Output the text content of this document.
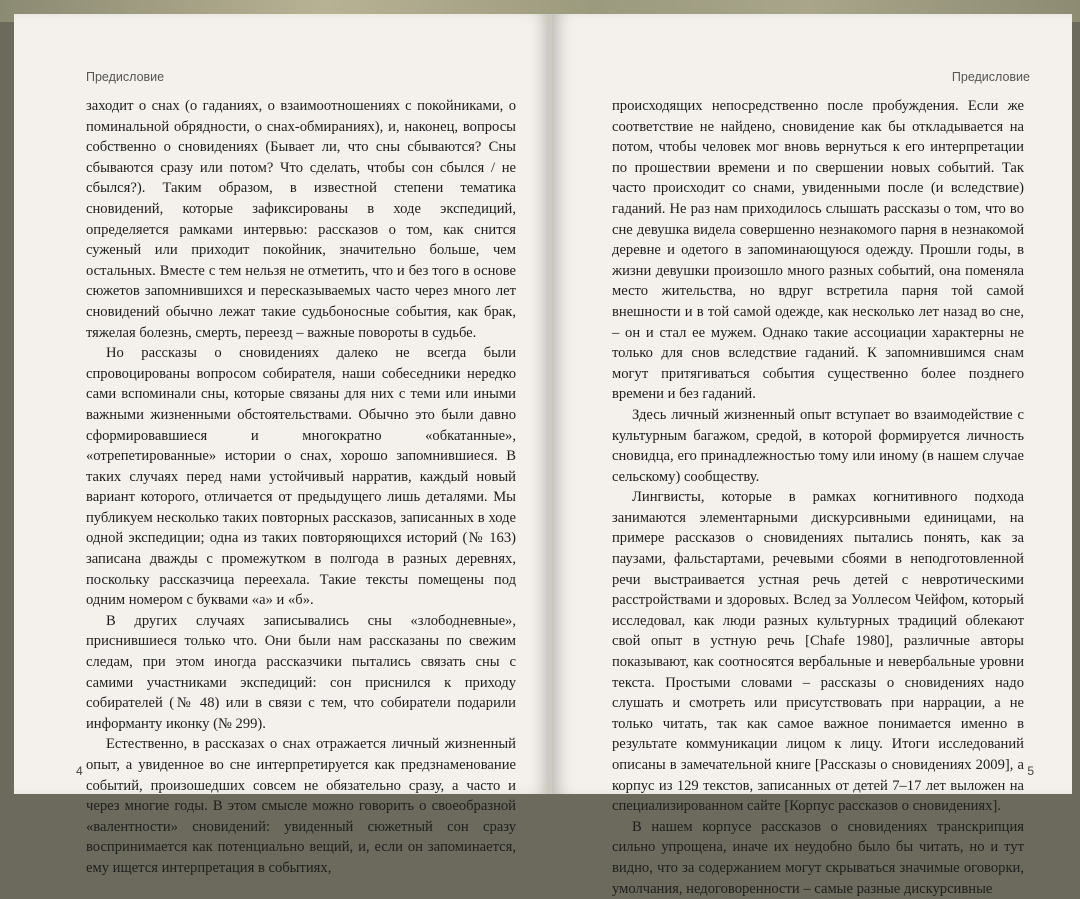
Предисловие

заходит о снах (о гаданиях, о взаимоотношениях с покойниками, о поминальной обрядности, о снах-обмираниях), и, наконец, вопросы собственно о сновидениях (Бывает ли, что сны сбываются? Сны сбываются сразу или потом? Что сделать, чтобы сон сбылся / не сбылся?). Таким образом, в известной степени тематика сновидений, которые зафиксированы в ходе экспедиций, определяется рамками интервью: рассказов о том, как снится суженый или приходит покойник, значительно больше, чем остальных. Вместе с тем нельзя не отметить, что и без того в основе сюжетов запомнившихся и пересказываемых часто через много лет сновидений обычно лежат такие судьбоносные события, как брак, тяжелая болезнь, смерть, переезд – важные повороты в судьбе.

Но рассказы о сновидениях далеко не всегда были спровоцированы вопросом собирателя, наши собеседники нередко сами вспоминали сны, которые связаны для них с теми или иными важными жизненными обстоятельствами. Обычно это были давно сформировавшиеся и многократно «обкатанные», «отрепетированные» истории о снах, хорошо запомнившиеся. В таких случаях перед нами устойчивый нарратив, каждый новый вариант которого, отличается от предыдущего лишь деталями. Мы публикуем несколько таких повторных рассказов, записанных в ходе одной экспедиции; одна из таких повторяющихся историй (№ 163) записана дважды с промежутком в полгода в разных деревнях, поскольку рассказчица переехала. Такие тексты помещены под одним номером с буквами «а» и «б».

В других случаях записывались сны «злободневные», приснившиеся только что. Они были нам рассказаны по свежим следам, при этом иногда рассказчики пытались связать сны с самими участниками экспедиций: сон приснился к приходу собирателей (№ 48) или в связи с тем, что собиратели подарили информанту иконку (№ 299).

Естественно, в рассказах о снах отражается личный жизненный опыт, а увиденное во сне интерпретируется как предзнаменование событий, произошедших совсем не обязательно сразу, а часто и через многие годы. В этом смысле можно говорить о своеобразной «валентности» сновидений: увиденный сюжетный сон сразу воспринимается как потенциально вещий, и, если он запоминается, ему ищется интерпретация в событиях,

4
Предисловие

происходящих непосредственно после пробуждения. Если же соответствие не найдено, сновидение как бы откладывается на потом, чтобы человек мог вновь вернуться к его интерпретации по прошествии времени и по свершении новых событий. Так часто происходит со снами, увиденными после (и вследствие) гаданий. Не раз нам приходилось слышать рассказы о том, что во сне девушка видела совершенно незнакомого парня в незнакомой деревне и одетого в запоминающуюся одежду. Прошли годы, в жизни девушки произошло много разных событий, она поменяла место жительства, но вдруг встретила парня той самой внешности и в той самой одежде, как несколько лет назад во сне, – он и стал ее мужем. Однако такие ассоциации характерны не только для снов вследствие гаданий. К запомнившимся снам могут притягиваться события существенно более позднего времени и без гаданий.

Здесь личный жизненный опыт вступает во взаимодействие с культурным багажом, средой, в которой формируется личность сновидца, его принадлежностью тому или иному (в нашем случае сельскому) сообществу.

Лингвисты, которые в рамках когнитивного подхода занимаются элементарными дискурсивными единицами, на примере рассказов о сновидениях пытались понять, как за паузами, фальстартами, речевыми сбоями в неподготовленной речи выстраивается устная речь детей с невротическими расстройствами и здоровых. Вслед за Уоллесом Чейфом, который исследовал, как люди разных культурных традиций облекают свой опыт в устную речь [Chafe 1980], различные авторы показывают, как соотносятся вербальные и невербальные уровни текста. Простыми словами – рассказы о сновидениях надо слушать и смотреть или присутствовать при наррации, а не только читать, так как самое важное понимается именно в результате коммуникации лицом к лицу. Итоги исследований описаны в замечательной книге [Рассказы о сновидениях 2009], а корпус из 129 текстов, записанных от детей 7–17 лет выложен на специализированном сайте [Корпус рассказов о сновидениях].

В нашем корпусе рассказов о сновидениях транскрипция сильно упрощена, иначе их неудобно было бы читать, но и тут видно, что за содержанием могут скрываться значимые оговорки, умолчания, недоговоренности – самые разные дискурсивные

5
